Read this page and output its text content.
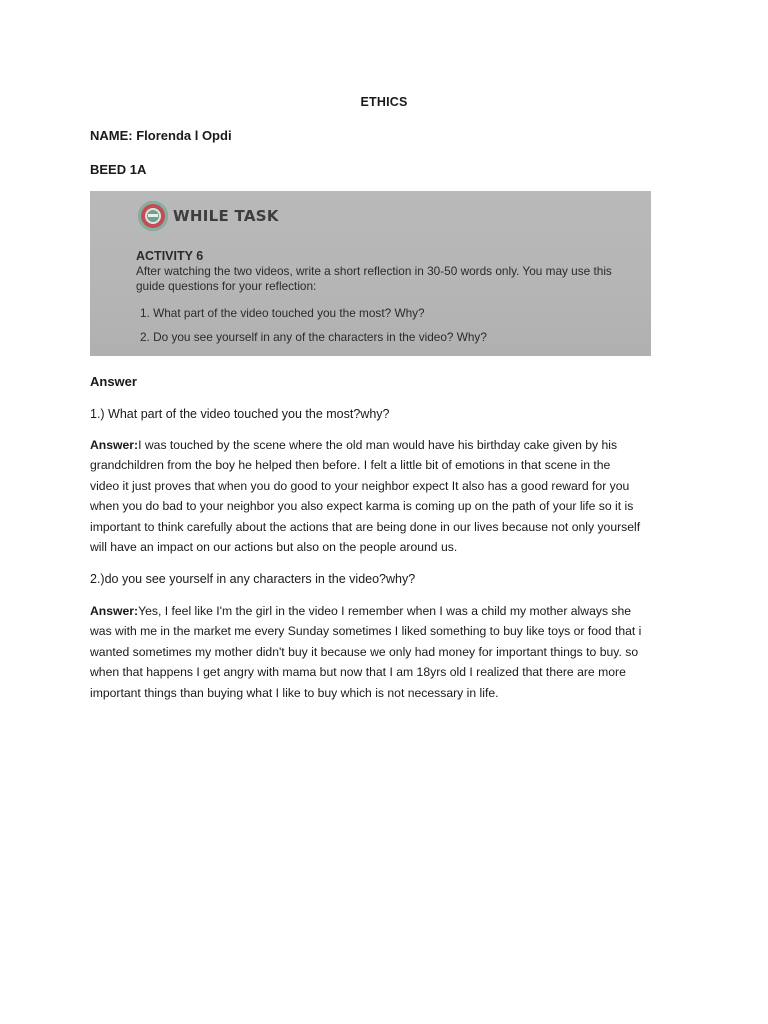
ETHICS
NAME: Florenda l Opdi
BEED 1A
WHILE TASK
ACTIVITY 6
After watching the two videos, write a short reflection in 30-50 words only. You may use this guide questions for your reflection:
1. What part of the video touched you the most? Why?
2. Do you see yourself in any of the characters in the video? Why?
Answer
1.) What part of the video touched you the most?why?
Answer:I was touched by the scene where the old man would have his birthday cake given by his
grandchildren from the boy he helped then before. I felt a little bit of emotions in that scene in the
video it just proves that when you do good to your neighbor expect It also has a good reward for you
when you do bad to your neighbor you also expect karma is coming up on the path of your life so it is
important to think carefully about the actions that are being done in our lives because not only yourself
will have an impact on our actions but also on the people around us.
2.)do you see yourself in any characters in the video?why?
Answer:Yes, I feel like I'm the girl in the video I remember when I was a child my mother always she
was with me in the market me every Sunday sometimes I liked something to buy like toys or food that i
wanted sometimes my mother didn't buy it because we only had money for important things to buy. so
when that happens I get angry with mama but now that I am 18yrs old I realized that there are more
important things than buying what I like to buy which is not necessary in life.
